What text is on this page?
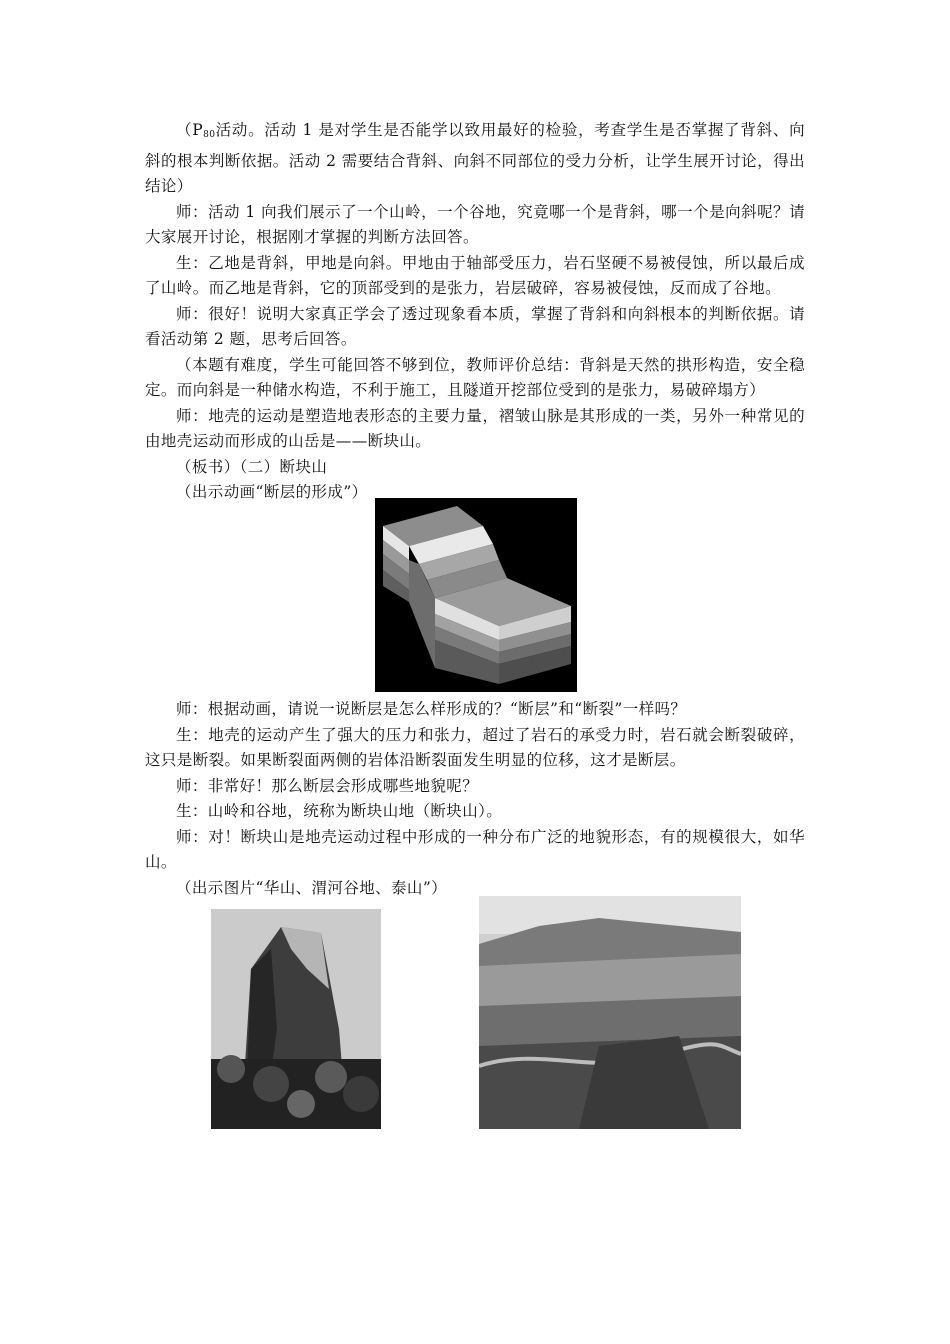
（$P_{80}$活动。活动 1 是对学生是否能学以致用最好的检验，考查学生是否掌握了背斜、向斜的根本判断依据。活动 2 需要结合背斜、向斜不同部位的受力分析，让学生展开讨论，得出结论）

师：活动 1 向我们展示了一个山岭，一个谷地，究竟哪一个是背斜，哪一个是向斜呢？请大家展开讨论，根据刚才掌握的判断方法回答。

生：乙地是背斜，甲地是向斜。甲地由于轴部受压力，岩石坚硬不易被侵蚀，所以最后成了山岭。而乙地是背斜，它的顶部受到的是张力，岩层破碎，容易被侵蚀，反而成了谷地。

师：很好！说明大家真正学会了透过现象看本质，掌握了背斜和向斜根本的判断依据。请看活动第 2 题，思考后回答。

（本题有难度，学生可能回答不够到位，教师评价总结：背斜是天然的拱形构造，安全稳定。而向斜是一种储水构造，不利于施工，且隧道开挖部位受到的是张力，易破碎塌方）

师：地壳的运动是塑造地表形态的主要力量，褶皱山脉是其形成的一类，另外一种常见的由地壳运动而形成的山岳是——断块山。

（板书）（二）断块山

（出示动画“断层的形成”）

师：根据动画，请说一说断层是怎么样形成的？“断层”和“断裂”一样吗？

生：地壳的运动产生了强大的压力和张力，超过了岩石的承受力时，岩石就会断裂破碎，这只是断裂。如果断裂面两侧的岩体沿断裂面发生明显的位移，这才是断层。

师：非常好！那么断层会形成哪些地貌呢？

生：山岭和谷地，统称为断块山地（断块山）。

师：对！断块山是地壳运动过程中形成的一种分布广泛的地貌形态，有的规模很大，如华山。

（出示图片“华山、渭河谷地、泰山”）
